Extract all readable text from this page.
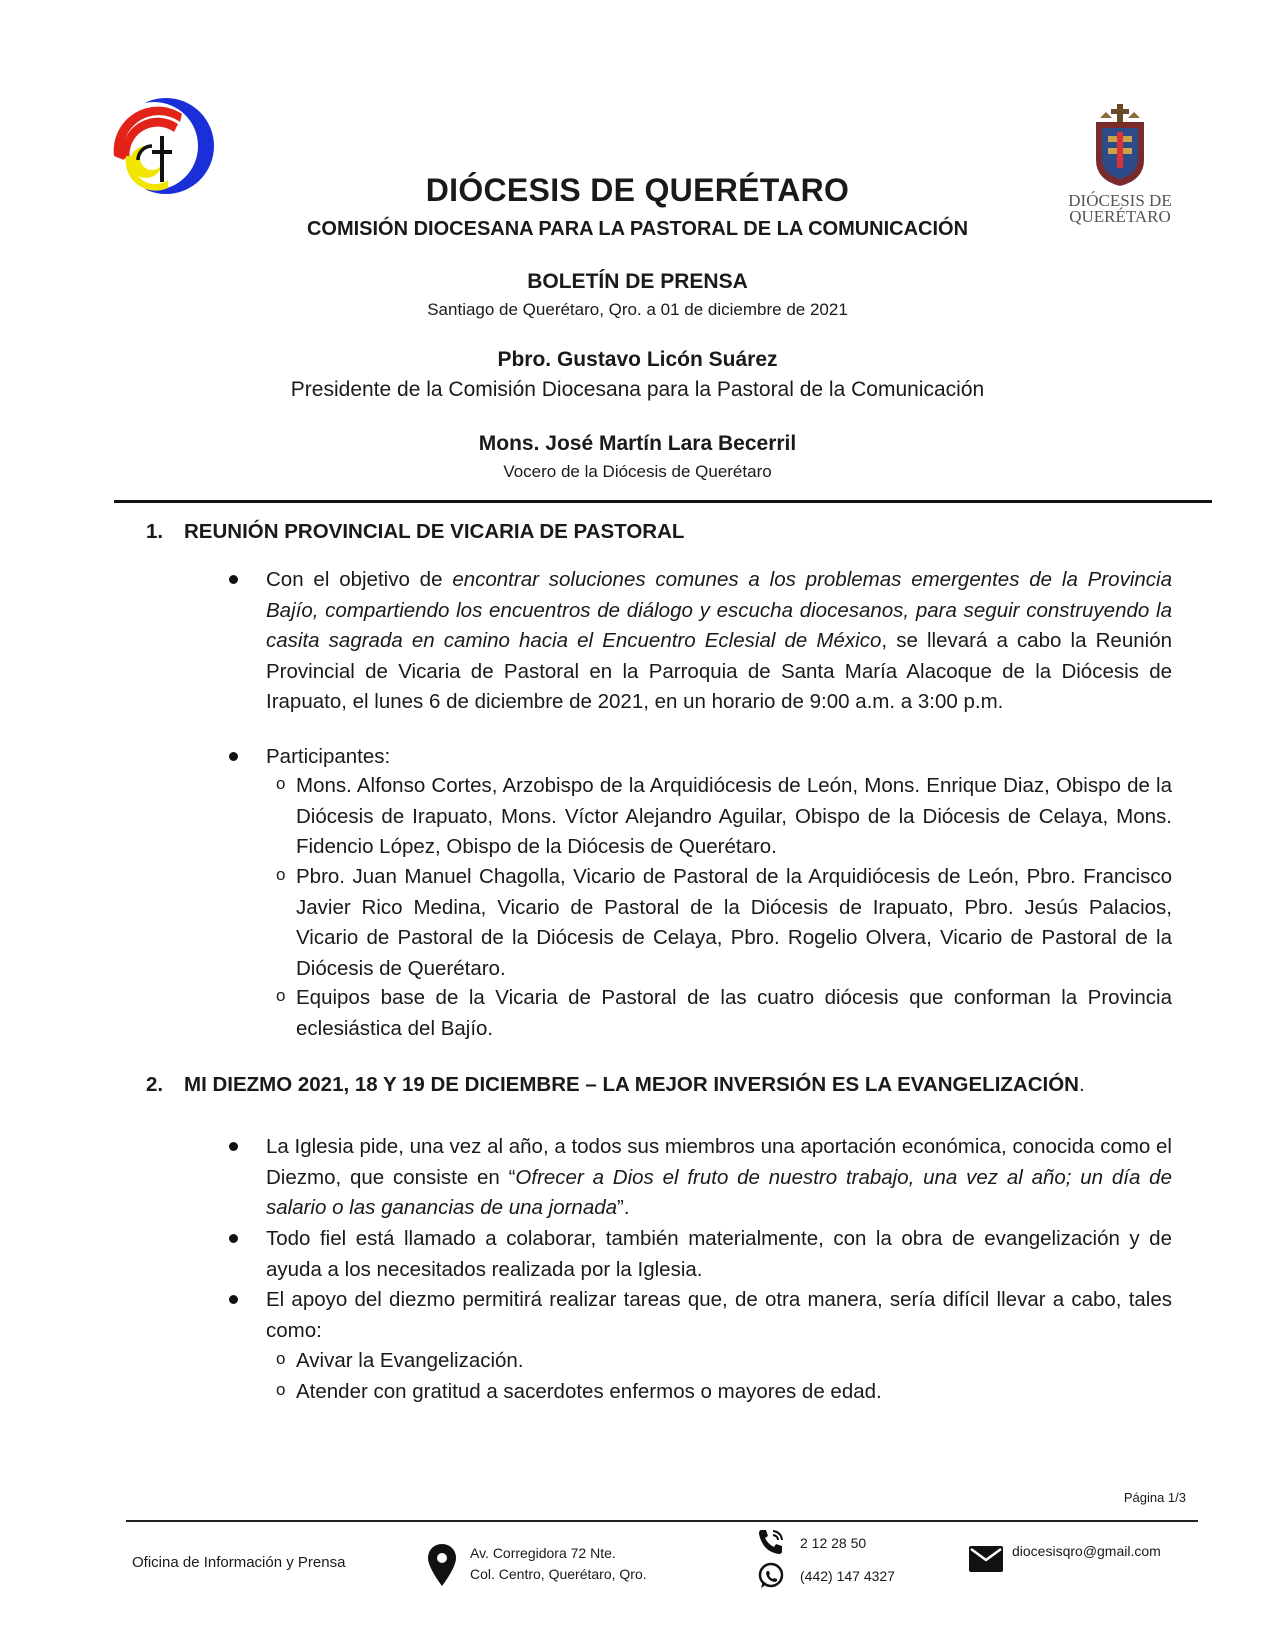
DIÓCESIS DE
QUERÉTARO
DIÓCESIS DE QUERÉTARO
COMISIÓN DIOCESANA PARA LA PASTORAL DE LA COMUNICACIÓN
BOLETÍN DE PRENSA
Santiago de Querétaro, Qro. a 01 de diciembre de 2021
Pbro. Gustavo Licón Suárez
Presidente de la Comisión Diocesana para la Pastoral de la Comunicación
Mons. José Martín Lara Becerril
Vocero de la Diócesis de Querétaro
1. REUNIÓN PROVINCIAL DE VICARIA DE PASTORAL
Con el objetivo de encontrar soluciones comunes a los problemas emergentes de la Provincia Bajío, compartiendo los encuentros de diálogo y escucha diocesanos, para seguir construyendo la casita sagrada en camino hacia el Encuentro Eclesial de México, se llevará a cabo la Reunión Provincial de Vicaria de Pastoral en la Parroquia de Santa María Alacoque de la Diócesis de Irapuato, el lunes 6 de diciembre de 2021, en un horario de 9:00 a.m. a 3:00 p.m.
Participantes:
o Mons. Alfonso Cortes, Arzobispo de la Arquidiócesis de León, Mons. Enrique Diaz, Obispo de la Diócesis de Irapuato, Mons. Víctor Alejandro Aguilar, Obispo de la Diócesis de Celaya, Mons. Fidencio López, Obispo de la Diócesis de Querétaro.
o Pbro. Juan Manuel Chagolla, Vicario de Pastoral de la Arquidiócesis de León, Pbro. Francisco Javier Rico Medina, Vicario de Pastoral de la Diócesis de Irapuato, Pbro. Jesús Palacios, Vicario de Pastoral de la Diócesis de Celaya, Pbro. Rogelio Olvera, Vicario de Pastoral de la Diócesis de Querétaro.
o Equipos base de la Vicaria de Pastoral de las cuatro diócesis que conforman la Provincia eclesiástica del Bajío.
2. MI DIEZMO 2021, 18 Y 19 DE DICIEMBRE – LA MEJOR INVERSIÓN ES LA EVANGELIZACIÓN.
La Iglesia pide, una vez al año, a todos sus miembros una aportación económica, conocida como el Diezmo, que consiste en “Ofrecer a Dios el fruto de nuestro trabajo, una vez al año; un día de salario o las ganancias de una jornada”.
Todo fiel está llamado a colaborar, también materialmente, con la obra de evangelización y de ayuda a los necesitados realizada por la Iglesia.
El apoyo del diezmo permitirá realizar tareas que, de otra manera, sería difícil llevar a cabo, tales como:
o Avivar la Evangelización.
o Atender con gratitud a sacerdotes enfermos o mayores de edad.
Página 1/3
Oficina de Información y Prensa
Av. Corregidora 72 Nte.
Col. Centro, Querétaro, Qro.
2 12 28 50
(442) 147 4327
diocesisqro@gmail.com
